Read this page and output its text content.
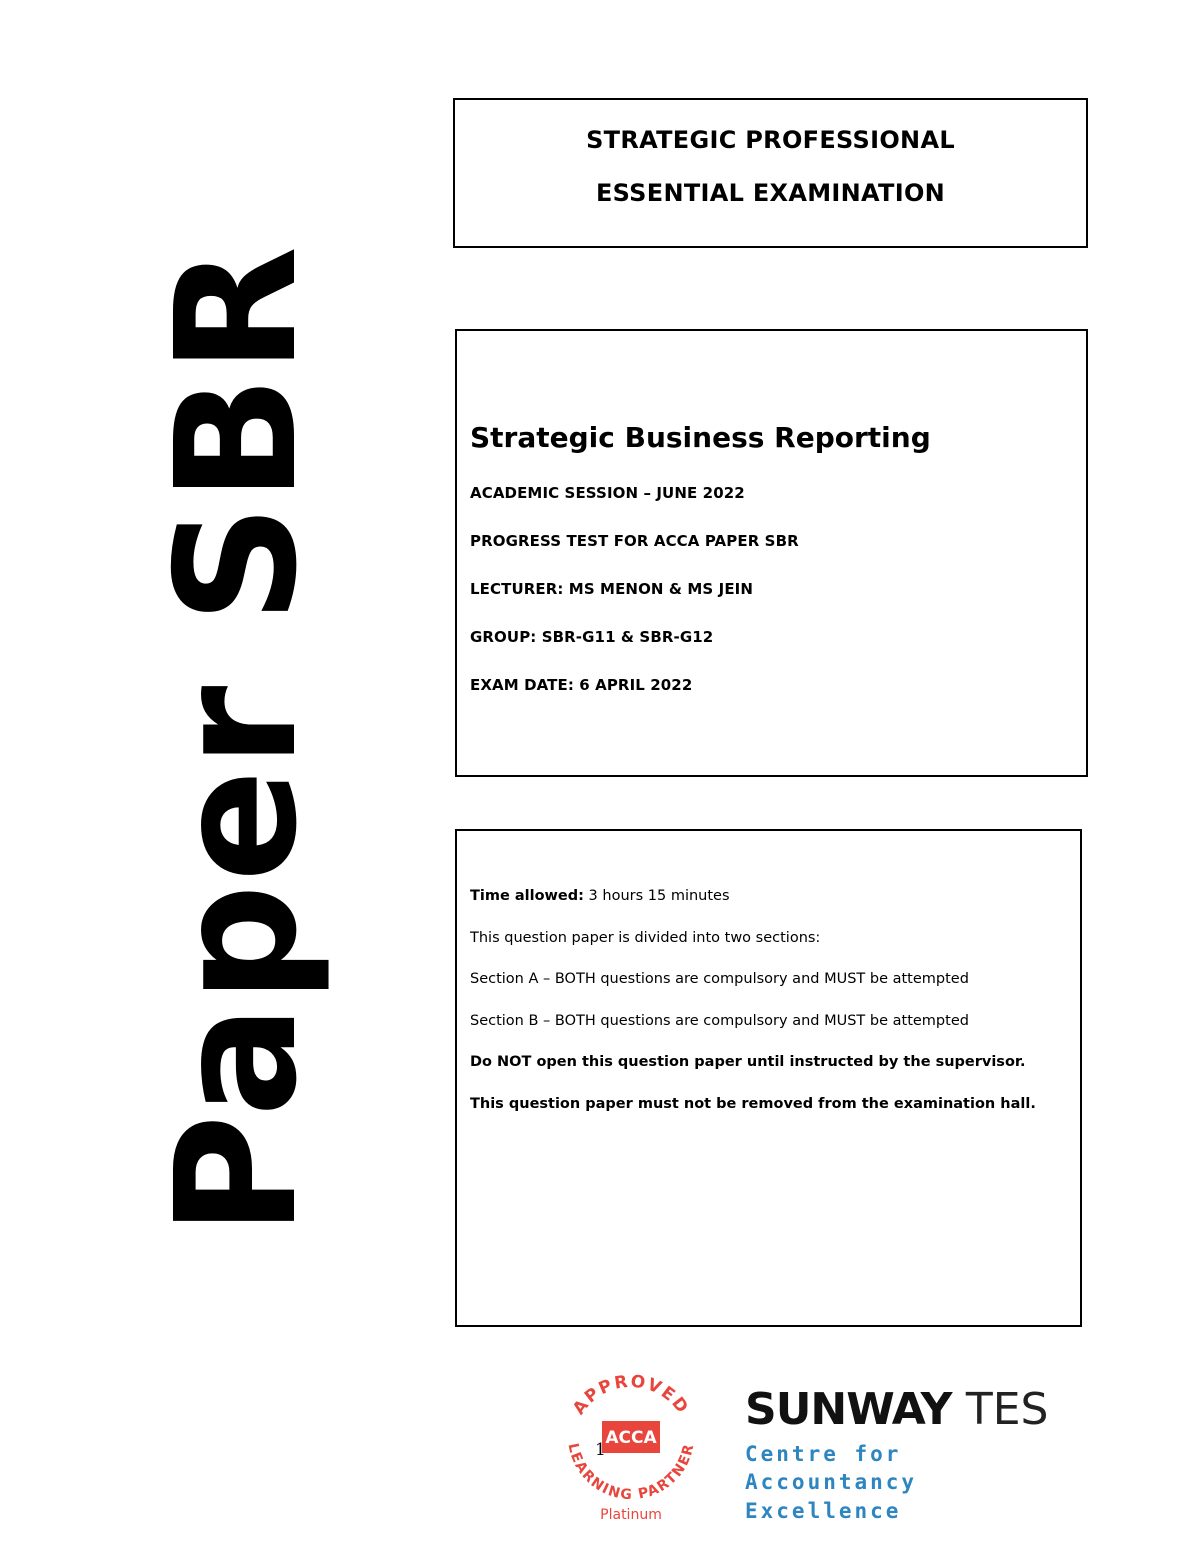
Paper SBR
STRATEGIC PROFESSIONAL
ESSENTIAL EXAMINATION
Strategic Business Reporting
ACADEMIC SESSION – JUNE 2022
PROGRESS TEST FOR ACCA PAPER SBR
LECTURER: MS MENON & MS JEIN
GROUP: SBR-G11 & SBR-G12
EXAM DATE: 6 APRIL 2022
Time allowed: 3 hours 15 minutes
This question paper is divided into two sections:
Section A – BOTH questions are compulsory and MUST be attempted
Section B – BOTH questions are compulsory and MUST be attempted
Do NOT open this question paper until instructed by the supervisor.
This question paper must not be removed from the examination hall.
APPROVED
LEARNING PARTNER
ACCA
Platinum
1
SUNWAY TES
Centre for
Accountancy Excellence
